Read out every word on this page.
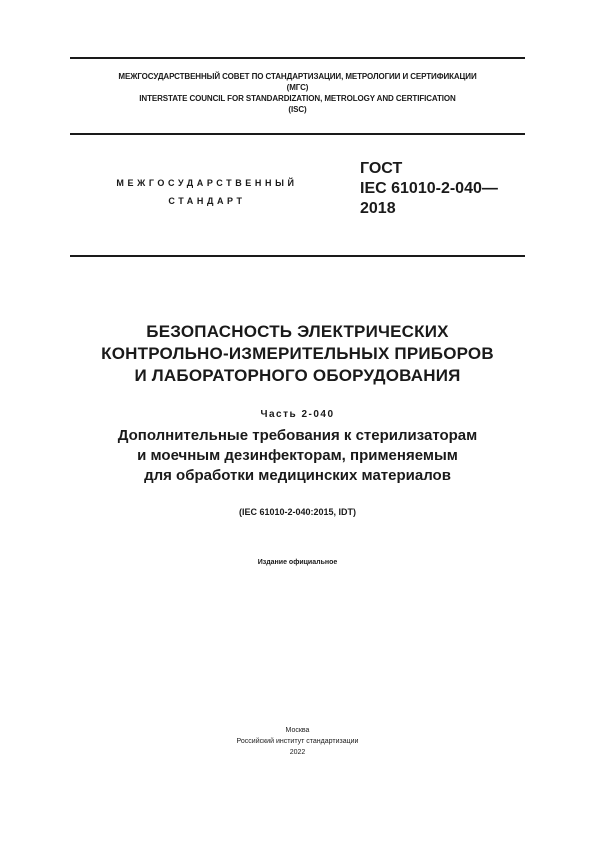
МЕЖГОСУДАРСТВЕННЫЙ СОВЕТ ПО СТАНДАРТИЗАЦИИ, МЕТРОЛОГИИ И СЕРТИФИКАЦИИ
(МГС)
INTERSTATE COUNCIL FOR STANDARDIZATION, METROLOGY AND CERTIFICATION
(ISC)
МЕЖГОСУДАРСТВЕННЫЙ
СТАНДАРТ
ГОСТ
IEC 61010-2-040—
2018
БЕЗОПАСНОСТЬ ЭЛЕКТРИЧЕСКИХ
КОНТРОЛЬНО-ИЗМЕРИТЕЛЬНЫХ ПРИБОРОВ
И ЛАБОРАТОРНОГО ОБОРУДОВАНИЯ
Часть 2-040
Дополнительные требования к стерилизаторам
и моечным дезинфекторам, применяемым
для обработки медицинских материалов
(IEC 61010-2-040:2015, IDT)
Издание официальное
Москва
Российский институт стандартизации
2022
